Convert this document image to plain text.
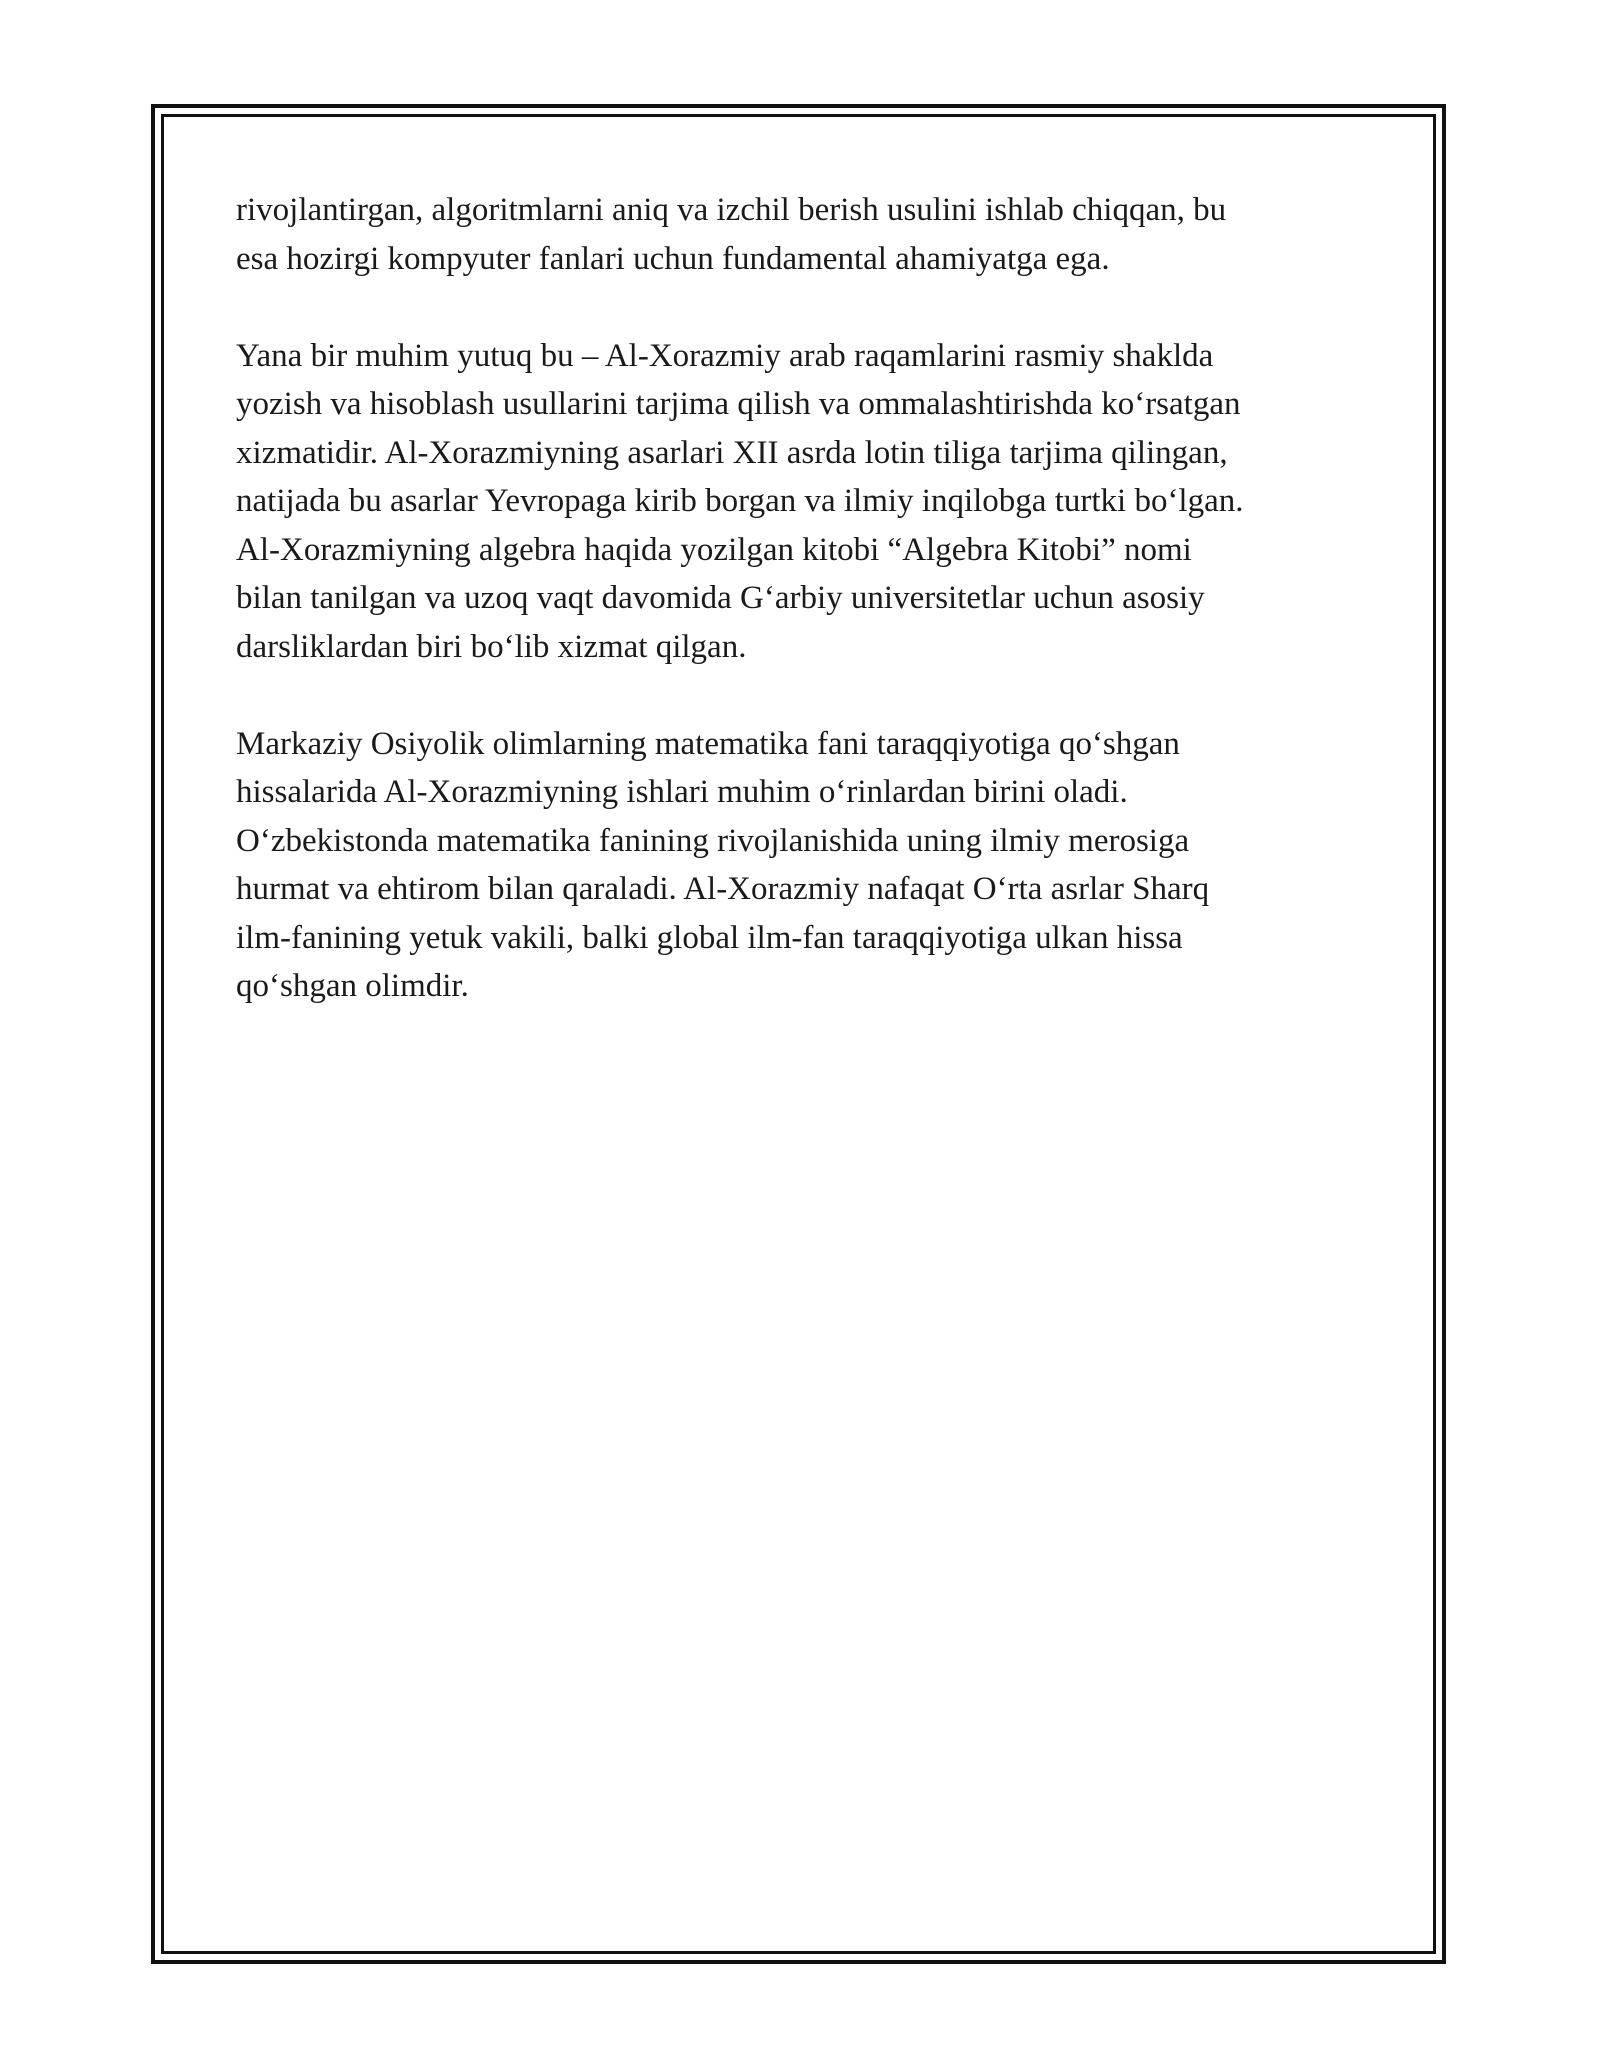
rivojlantirgan, algoritmlarni aniq va izchil berish usulini ishlab chiqqan, bu
esa hozirgi kompyuter fanlari uchun fundamental ahamiyatga ega.

Yana bir muhim yutuq bu – Al-Xorazmiy arab raqamlarini rasmiy shaklda
yozish va hisoblash usullarini tarjima qilish va ommalashtirishda koʻrsatgan
xizmatidir. Al-Xorazmiyning asarlari XII asrda lotin tiliga tarjima qilingan,
natijada bu asarlar Yevropaga kirib borgan va ilmiy inqilobga turtki boʻlgan.
Al-Xorazmiyning algebra haqida yozilgan kitobi “Algebra Kitobi” nomi
bilan tanilgan va uzoq vaqt davomida Gʻarbiy universitetlar uchun asosiy
darsliklardan biri boʻlib xizmat qilgan.

Markaziy Osiyolik olimlarning matematika fani taraqqiyotiga qoʻshgan
hissalarida Al-Xorazmiyning ishlari muhim oʻrinlardan birini oladi.
Oʻzbekistonda matematika fanining rivojlanishida uning ilmiy merosiga
hurmat va ehtirom bilan qaraladi. Al-Xorazmiy nafaqat Oʻrta asrlar Sharq
ilm-fanining yetuk vakili, balki global ilm-fan taraqqiyotiga ulkan hissa
qoʻshgan olimdir.
